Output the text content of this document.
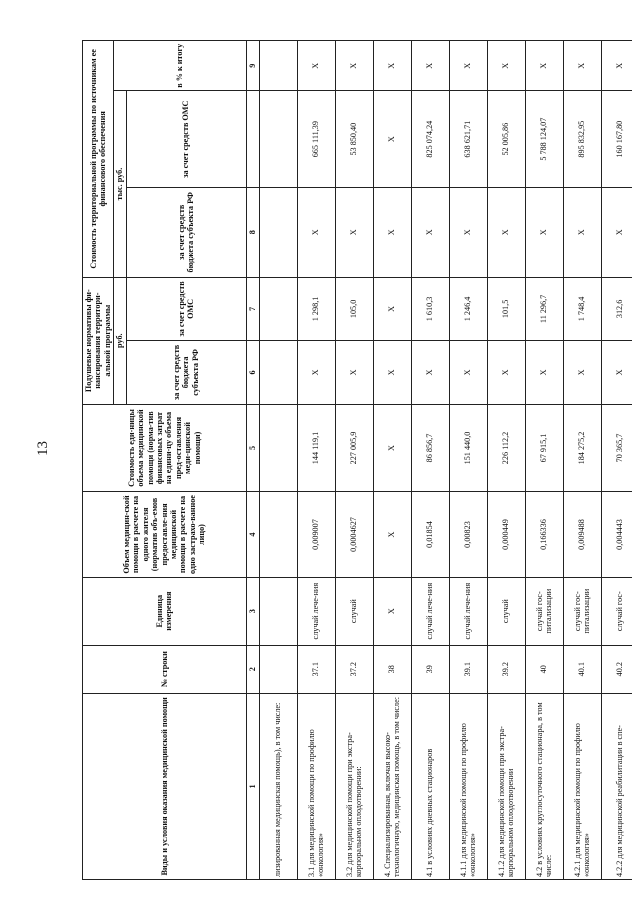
13
Виды и условия оказания медицинской помощи	№ строки	Единица измерения	Объем медицин-ской помощи в расчете на одного жителя (норматив объ-емов предоставле-ния медицинской помощи в расчете на одно застрахо-ванное лицо)	Стоимость еди-ницы объема медицинской помощи (норма-тив финансовых затрат на едини-цу объема пред-оставления меди-цинской помощи)	Подушевые нормативы фи-нансирования территори-альной программы		Стоимость территориальной программы по источникам ее финансового обеспечения		
					руб.		тыс. руб.		в % к итогу
					за счет средств бюджета субъекта РФ	за счет средств ОМС	за счет средств бюджета субъекта РФ	за счет средств ОМС	
1	2	3	4	5	6	7	8		9
лизированная медицинская помощь), в том числе:									
3.1 для медицинской помощи по профилю «онкология»	37.1	случай лече-ния	0,009007	144 119,1	X	1 298,1	X	665 111,39	X
3.2 для медицинской помощи при экстра-корпоральном оплодотворении:	37.2	случай	0,0004627	227 005,9	X	105,0	X	53 850,40	X
4. Специализированная, включая высоко-технологичную, медицинская помощь, в том числе:	38	X	X	X	X	X	X	X	X
4.1 в условиях дневных стационаров	39	случай лече-ния	0,01854	86 856,7	X	1 610,3	X	825 074,24	X
4.1.1 для медицинской помощи по профилю «онкология»	39.1	случай лече-ния	0,00823	151 440,0	X	1 246,4	X	638 621,71	X
4.1.2 для медицинской помощи при экстра-корпоральном оплодотворении	39.2	случай	0,000449	226 112,2	X	101,5	X	52 005,86	X
4.2 в условиях круглосуточного стационара, в том числе:	40	случай гос-питализации	0,166336	67 915,1	X	11 296,7	X	5 788 124,07	X
4.2.1 для медицинской помощи по профилю «онкология»	40.1	случай гос-питализации	0,009488	184 275,2	X	1 748,4	X	895 832,95	X
4.2.2 для медицинской реабилитации в спе-	40.2	случай гос-	0,004443	70 365,7	X	312,6	X	160 167,80	X
